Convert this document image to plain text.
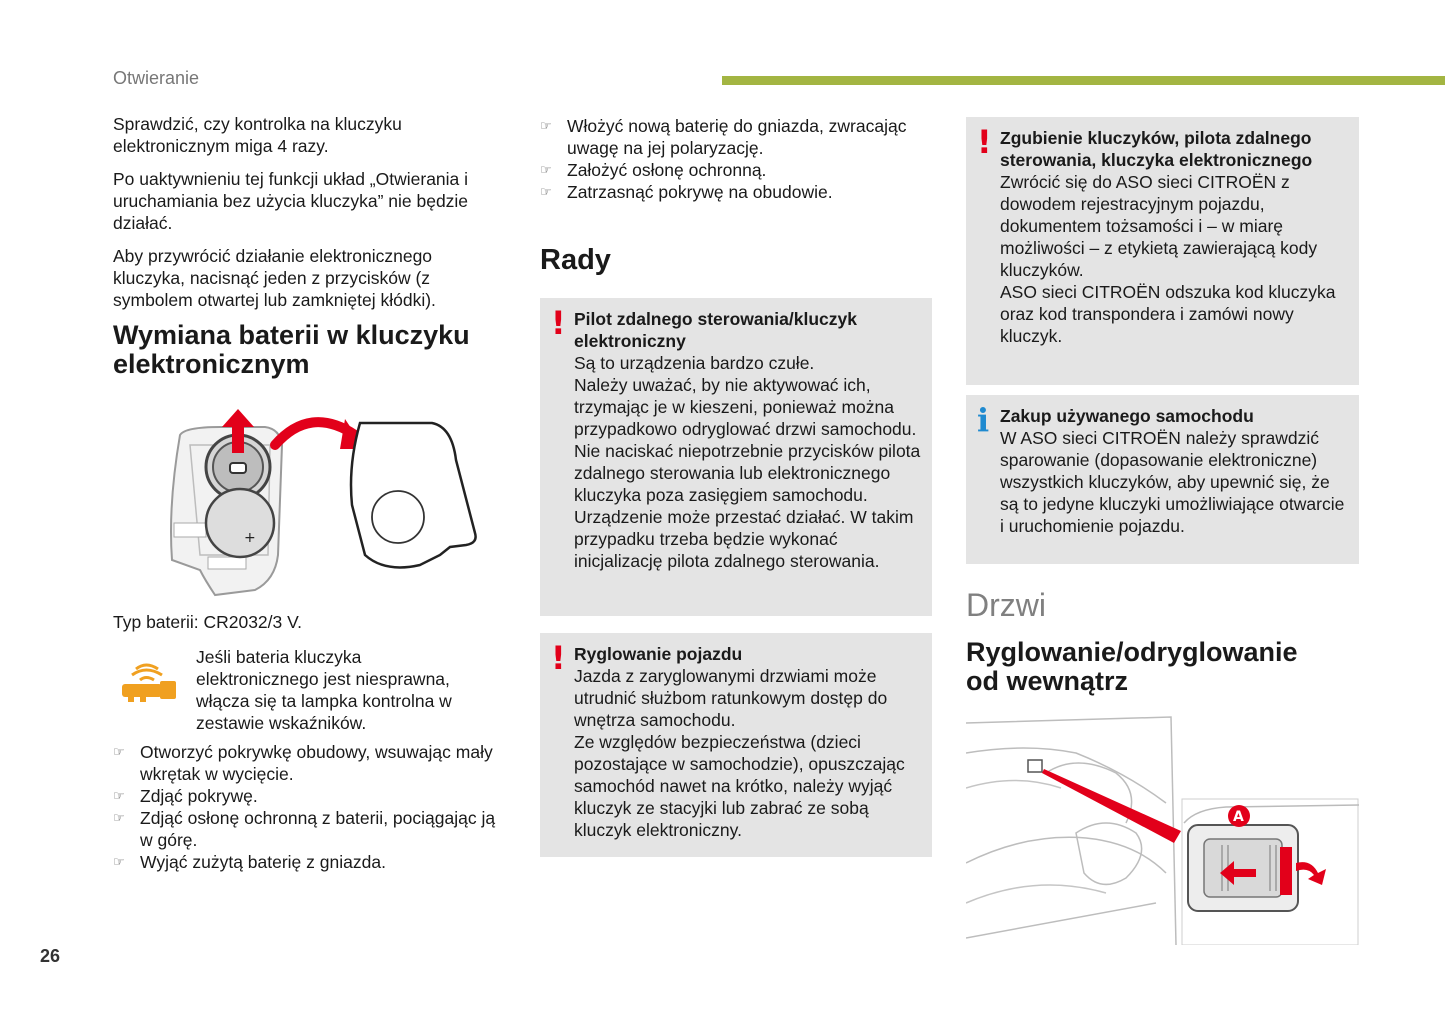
Otwieranie

Sprawdzić, czy kontrolka na kluczyku elektronicznym miga 4 razy.

Po uaktywnieniu tej funkcji układ „Otwierania i uruchamiania bez użycia kluczyka” nie będzie działać.

Aby przywrócić działanie elektronicznego kluczyka, nacisnąć jeden z przycisków (z symbolem otwartej lub zamkniętej kłódki).

Wymiana baterii w kluczyku
elektronicznym
+

Typ baterii: CR2032/3 V.

Jeśli bateria kluczyka elektronicznego jest niesprawna, włącza się ta lampka kontrolna w zestawie wskaźników.

☞ Otworzyć pokrywkę obudowy, wsuwając mały wkrętak w wycięcie.
☞ Zdjąć pokrywę.
☞ Zdjąć osłonę ochronną z baterii, pociągając ją w górę.
☞ Wyjąć zużytą baterię z gniazda.
☞ Włożyć nową baterię do gniazda, zwracając uwagę na jej polaryzację.
☞ Założyć osłonę ochronną.
☞ Zatrzasnąć pokrywę na obudowie.
Rady
! Pilot zdalnego sterowania/kluczyk elektroniczny

Są to urządzenia bardzo czułe.

Należy uważać, by nie aktywować ich, trzymając je w kieszeni, ponieważ można przypadkowo odryglować drzwi samochodu.

Nie naciskać niepotrzebnie przycisków pilota zdalnego sterowania lub elektronicznego kluczyka poza zasięgiem samochodu. Urządzenie może przestać działać. W takim przypadku trzeba będzie wykonać inicjalizację pilota zdalnego sterowania.

! Ryglowanie pojazdu

Jazda z zaryglowanymi drzwiami może utrudnić służbom ratunkowym dostęp do wnętrza samochodu.

Ze względów bezpieczeństwa (dzieci pozostające w samochodzie), opuszczając samochód nawet na krótko, należy wyjąć kluczyk ze stacyjki lub zabrać ze sobą kluczyk elektroniczny.

! Zgubienie kluczyków, pilota zdalnego sterowania, kluczyka elektronicznego

Zwrócić się do ASO sieci CITROËN z dowodem rejestracyjnym pojazdu, dokumentem tożsamości i – w miarę możliwości – z etykietą zawierającą kody kluczyków.

ASO sieci CITROËN odszuka kod kluczyka oraz kod transpondera i zamówi nowy kluczyk.

i Zakup używanego samochodu

W ASO sieci CITROËN należy sprawdzić sparowanie (dopasowanie elektroniczne) wszystkich kluczyków, aby upewnić się, że są to jedyne kluczyki umożliwiające otwarcie i uruchomienie pojazdu.

Drzwi
Ryglowanie/odryglowanie
od wewnątrz
A
26
